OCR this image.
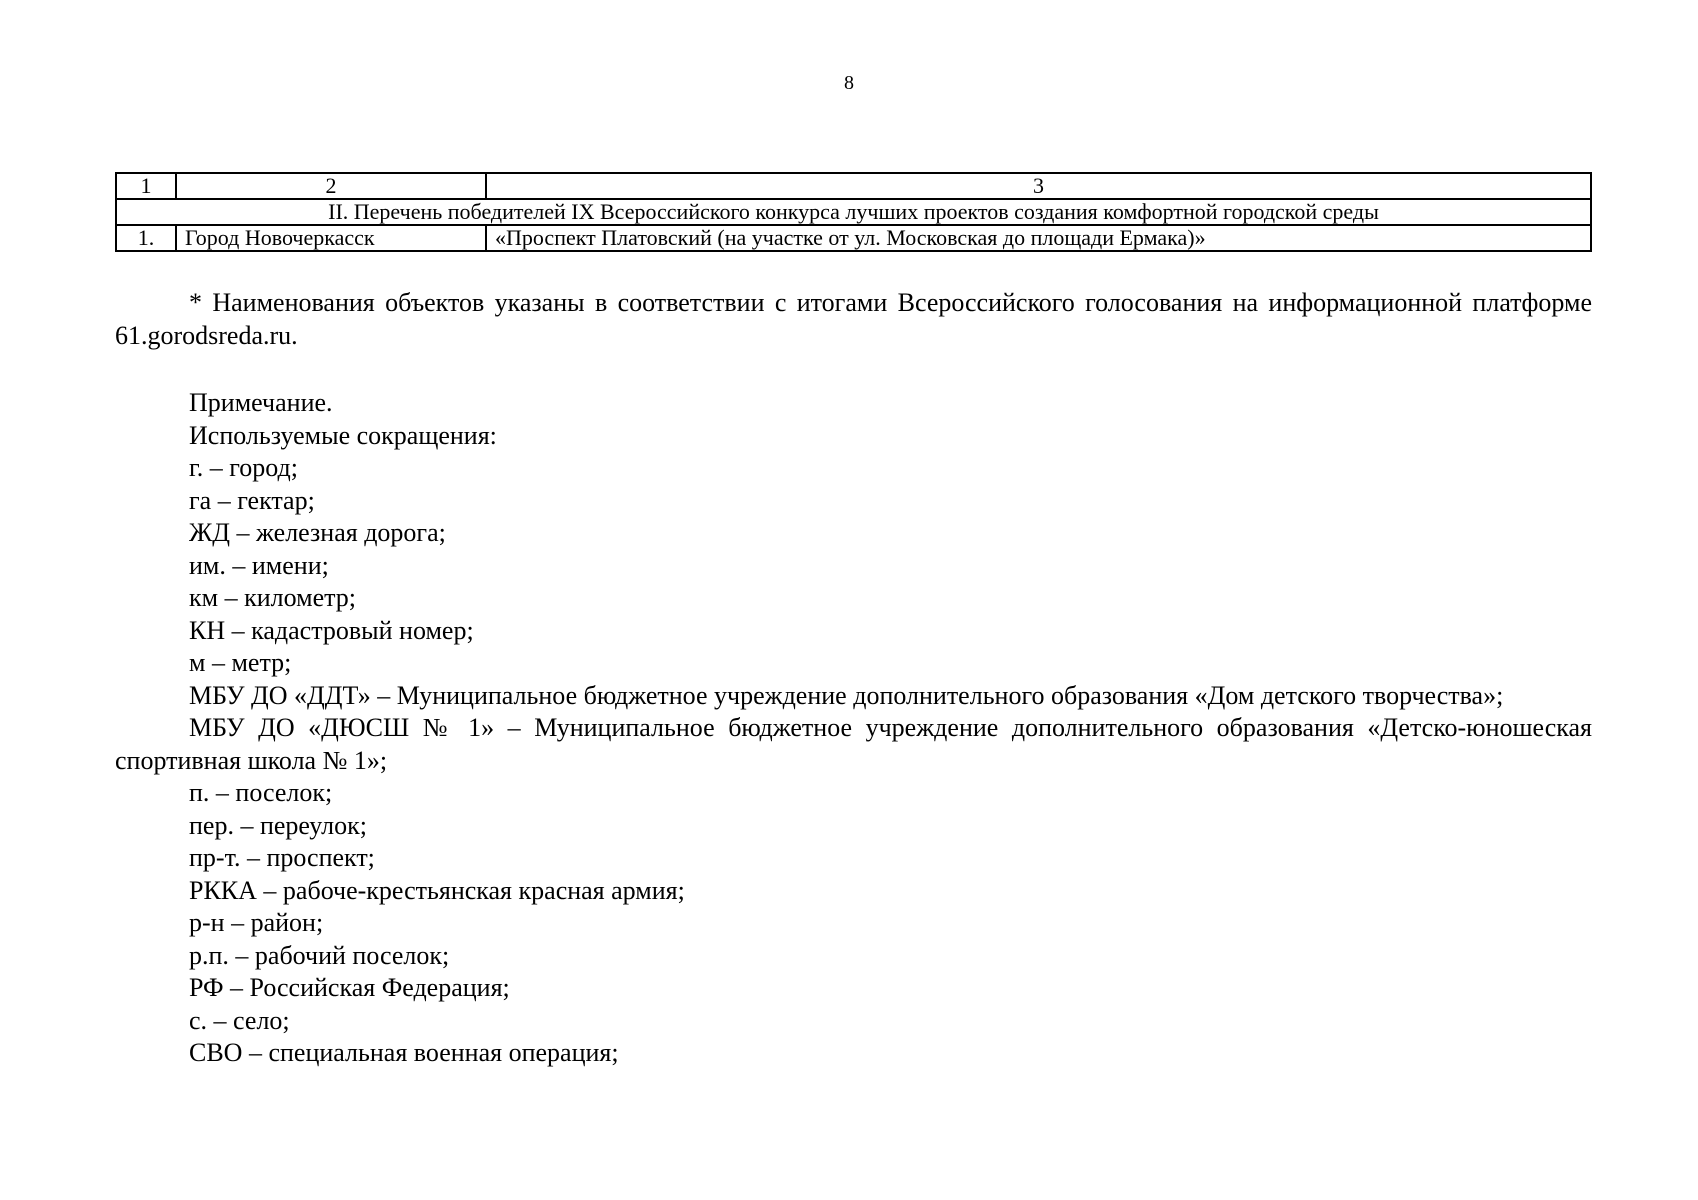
8
1	2	3
II. Перечень победителей IX Всероссийского конкурса лучших проектов создания комфортной городской среды		
1.	Город Новочеркасск	«Проспект Платовский (на участке от ул. Московская до площади Ермака)»

* Наименования объектов указаны в соответствии с итогами Всероссийского голосования на информационной платформе 61.gorodsreda.ru.

Примечание.

Используемые сокращения:

г. – город;

га – гектар;

ЖД – железная дорога;

им. – имени;

км – километр;

КН – кадастровый номер;

м – метр;

МБУ ДО «ДДТ» – Муниципальное бюджетное учреждение дополнительного образования «Дом детского творчества»;

МБУ ДО «ДЮСШ № 1» – Муниципальное бюджетное учреждение дополнительного образования «Детско-юношеская спортивная школа № 1»;

п. – поселок;

пер. – переулок;

пр-т. – проспект;

РККА – рабоче-крестьянская красная армия;

р-н – район;

р.п. – рабочий поселок;

РФ – Российская Федерация;

с. – село;

СВО – специальная военная операция;
